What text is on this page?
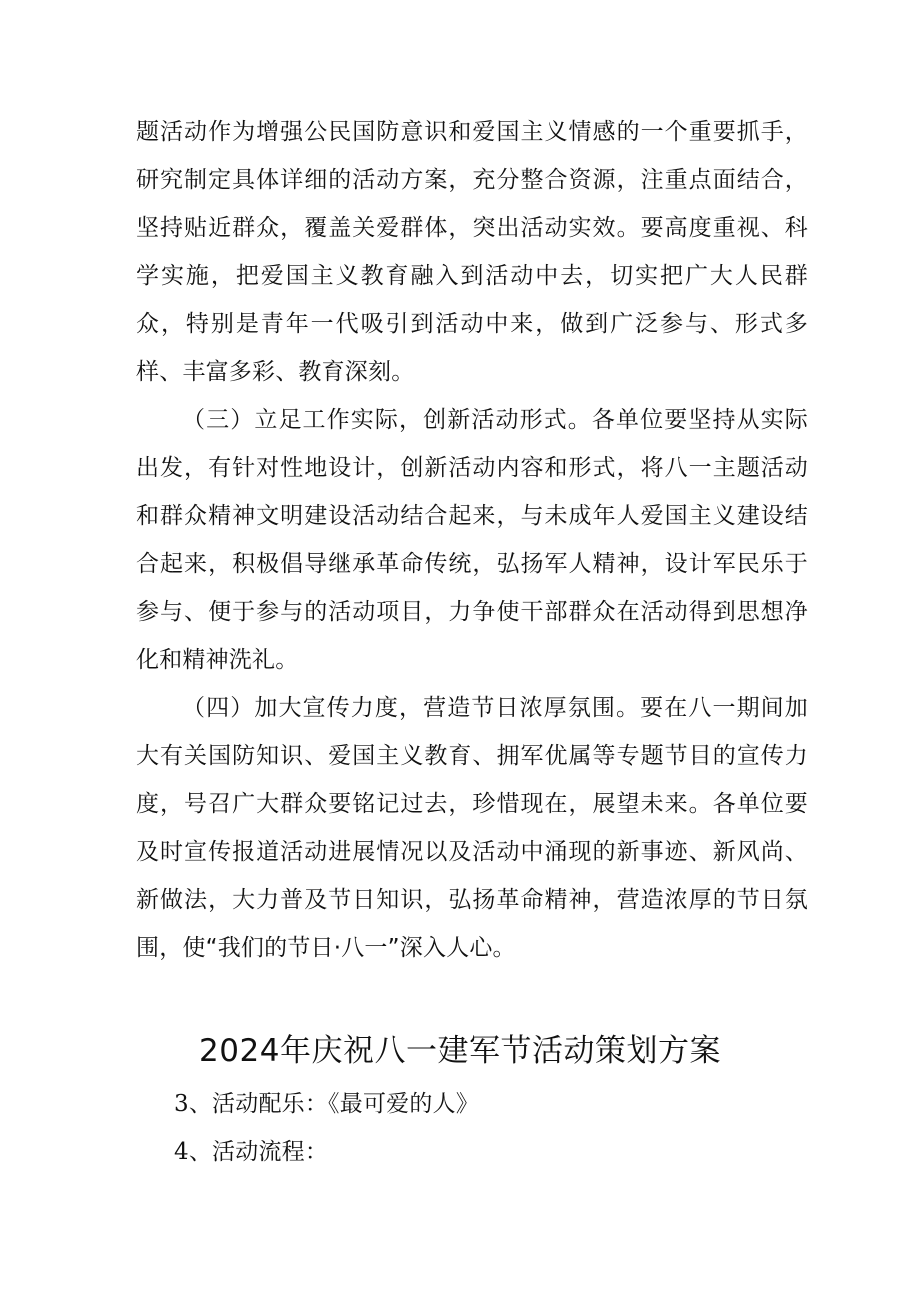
题活动作为增强公民国防意识和爱国主义情感的一个重要抓手，研究制定具体详细的活动方案，充分整合资源，注重点面结合，坚持贴近群众，覆盖关爱群体，突出活动实效。要高度重视、科学实施，把爱国主义教育融入到活动中去，切实把广大人民群众，特别是青年一代吸引到活动中来，做到广泛参与、形式多样、丰富多彩、教育深刻。

（三）立足工作实际，创新活动形式。各单位要坚持从实际出发，有针对性地设计，创新活动内容和形式，将八一主题活动和群众精神文明建设活动结合起来，与未成年人爱国主义建设结合起来，积极倡导继承革命传统，弘扬军人精神，设计军民乐于参与、便于参与的活动项目，力争使干部群众在活动得到思想净化和精神洗礼。

（四）加大宣传力度，营造节日浓厚氛围。要在八一期间加大有关国防知识、爱国主义教育、拥军优属等专题节目的宣传力度，号召广大群众要铭记过去，珍惜现在，展望未来。各单位要及时宣传报道活动进展情况以及活动中涌现的新事迹、新风尚、新做法，大力普及节日知识，弘扬革命精神，营造浓厚的节日氛围，使“我们的节日·八一”深入人心。

2024年庆祝八一建军节活动策划方案

3、活动配乐：《最可爱的人》

4、活动流程：
